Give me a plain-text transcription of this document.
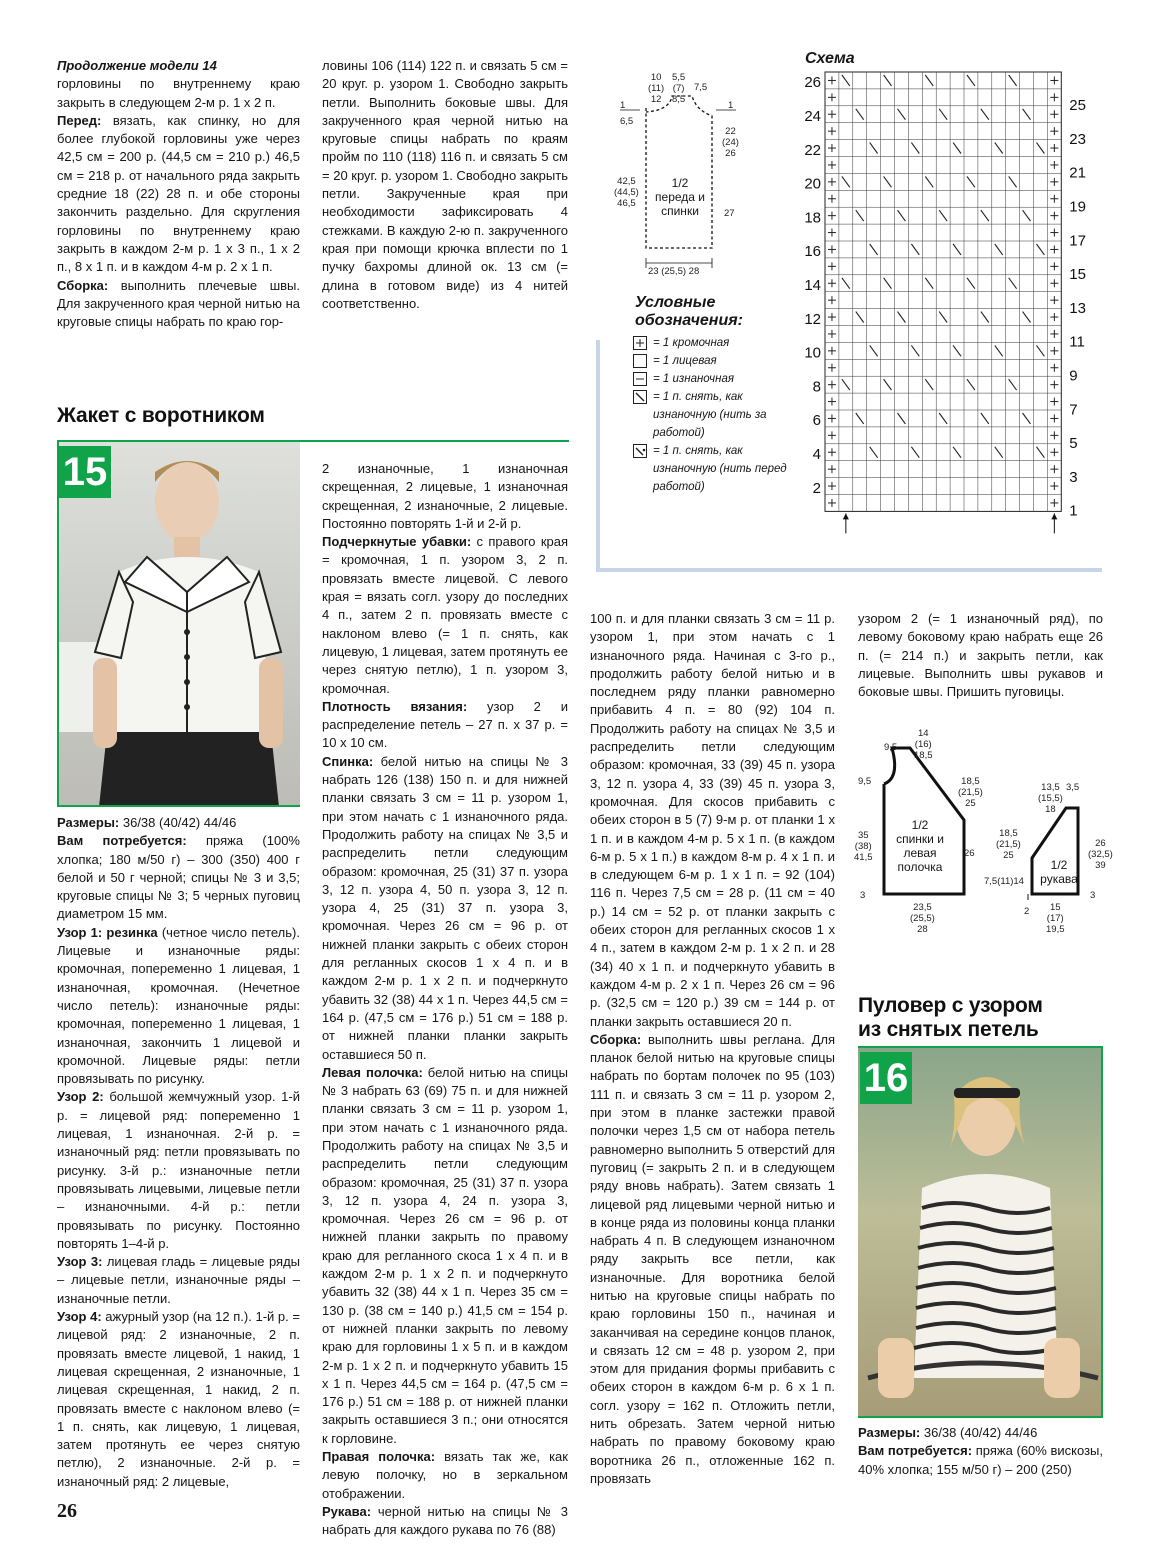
Продолжение модели 14

горловины по внутреннему краю закрыть в следующем 2-м р. 1 х 2 п.

Перед: вязать, как спинку, но для более глубокой горловины уже через 42,5 см = 200 р. (44,5 см = 210 р.) 46,5 см = 218 р. от начального ряда закрыть средние 18 (22) 28 п. и обе стороны закончить раздельно. Для скругления горловины по внутреннему краю закрыть в каждом 2-м р. 1 х 3 п., 1 х 2 п., 8 х 1 п. и в каждом 4-м р. 2 х 1 п.

Сборка: выполнить плечевые швы. Для закрученного края черной нитью на круговые спицы набрать по краю гор-

ловины 106 (114) 122 п. и связать 5 см = 20 круг. р. узором 1. Свободно закрыть петли. Выполнить боковые швы. Для закрученного края черной нитью на круговые спицы набрать по краям пройм по 110 (118) 116 п. и связать 5 см = 20 круг. р. узором 1. Свободно закрыть петли. Закрученные края при необходимости зафиксировать 4 стежками. В каждую 2-ю п. закрученного края при помощи крючка вплести по 1 пучку бахромы длиной ок. 13 см (= длина в готовом виде) из 4 нитей соответственно.

1/2 переда и спинки
10
(11)
12
5,5
(7)
8,5
7,5
1
6,5
1
22
(24)
26
42,5
(44,5)
46,5
27
23 (25,5) 28
Условные обозначения:
= 1 кромочная
= 1 лицевая
= 1 изнаночная
= 1 п. снять, как изнаночную (нить за работой)
= 1 п. снять, как изнаночную (нить перед работой)
Схема
26
24
22
20
18
16
14
12
10
8
6
4
2
25
23
21
19
17
15
13
11
9
7
5
3
1
Жакет с воротником
15

Размеры: 36/38 (40/42) 44/46

Вам потребуется: пряжа (100% хлопка; 180 м/50 г) – 300 (350) 400 г белой и 50 г черной; спицы № 3 и 3,5; круговые спицы № 3; 5 черных пуговиц диаметром 15 мм.

Узор 1: резинка (четное число петель). Лицевые и изнаночные ряды: кромочная, попеременно 1 лицевая, 1 изнаночная, кромочная. (Нечетное число петель): изнаночные ряды: кромочная, попеременно 1 лицевая, 1 изнаночная, закончить 1 лицевой и кромочной. Лицевые ряды: петли провязывать по рисунку.

Узор 2: большой жемчужный узор. 1-й р. = лицевой ряд: попеременно 1 лицевая, 1 изнаночная. 2-й р. = изнаночный ряд: петли провязывать по рисунку. 3-й р.: изнаночные петли провязывать лицевыми, лицевые петли – изнаночными. 4-й р.: петли провязывать по рисунку. Постоянно повторять 1–4-й р.

Узор 3: лицевая гладь = лицевые ряды – лицевые петли, изнаночные ряды – изнаночные петли.

Узор 4: ажурный узор (на 12 п.). 1-й р. = лицевой ряд: 2 изнаночные, 2 п. провязать вместе лицевой, 1 накид, 1 лицевая скрещенная, 2 изнаночные, 1 лицевая скрещенная, 1 накид, 2 п. провязать вместе с наклоном влево (= 1 п. снять, как лицевую, 1 лицевая, затем протянуть ее через снятую петлю), 2 изнаночные. 2-й р. = изнаночный ряд: 2 лицевые,

2 изнаночные, 1 изнаночная скрещенная, 2 лицевые, 1 изнаночная скрещенная, 2 изнаночные, 2 лицевые. Постоянно повторять 1-й и 2-й р.

Подчеркнутые убавки: с правого края = кромочная, 1 п. узором 3, 2 п. провязать вместе лицевой. С левого края = вязать согл. узору до последних 4 п., затем 2 п. провязать вместе с наклоном влево (= 1 п. снять, как лицевую, 1 лицевая, затем протянуть ее через снятую петлю), 1 п. узором 3, кромочная.

Плотность вязания: узор 2 и распределение петель – 27 п. х 37 р. = 10 х 10 см.

Спинка: белой нитью на спицы № 3 набрать 126 (138) 150 п. и для нижней планки связать 3 см = 11 р. узором 1, при этом начать с 1 изнаночного ряда. Продолжить работу на спицах № 3,5 и распределить петли следующим образом: кромочная, 25 (31) 37 п. узора 3, 12 п. узора 4, 50 п. узора 3, 12 п. узора 4, 25 (31) 37 п. узора 3, кромочная. Через 26 см = 96 р. от нижней планки закрыть с обеих сторон для регланных скосов 1 х 4 п. и в каждом 2-м р. 1 х 2 п. и подчеркнуто убавить 32 (38) 44 х 1 п. Через 44,5 см = 164 р. (47,5 см = 176 р.) 51 см = 188 р. от нижней планки планки закрыть оставшиеся 50 п.

Левая полочка: белой нитью на спицы № 3 набрать 63 (69) 75 п. и для нижней планки связать 3 см = 11 р. узором 1, при этом начать с 1 изнаночного ряда. Продолжить работу на спицах № 3,5 и распределить петли следующим образом: кромочная, 25 (31) 37 п. узора 3, 12 п. узора 4, 24 п. узора 3, кромочная. Через 26 см = 96 р. от нижней планки закрыть по правому краю для регланного скоса 1 х 4 п. и в каждом 2-м р. 1 х 2 п. и подчеркнуто убавить 32 (38) 44 х 1 п. Через 35 см = 130 р. (38 см = 140 р.) 41,5 см = 154 р. от нижней планки закрыть по левому краю для горловины 1 х 5 п. и в каждом 2-м р. 1 х 2 п. и подчеркнуто убавить 15 х 1 п. Через 44,5 см = 164 р. (47,5 см = 176 р.) 51 см = 188 р. от нижней планки закрыть оставшиеся 3 п.; они относятся к горловине.

Правая полочка: вязать так же, как левую полочку, но в зеркальном отображении.

Рукава: черной нитью на спицы № 3 набрать для каждого рукава по 76 (88)

100 п. и для планки связать 3 см = 11 р. узором 1, при этом начать с 1 изнаночного ряда. Начиная с 3-го р., продолжить работу белой нитью и в последнем ряду планки равномерно прибавить 4 п. = 80 (92) 104 п. Продолжить работу на спицах № 3,5 и распределить петли следующим образом: кромочная, 33 (39) 45 п. узора 3, 12 п. узора 4, 33 (39) 45 п. узора 3, кромочная. Для скосов прибавить с обеих сторон в 5 (7) 9-м р. от планки 1 х 1 п. и в каждом 4-м р. 5 х 1 п. (в каждом 6-м р. 5 х 1 п.) в каждом 8-м р. 4 х 1 п. и в следующем 6-м р. 1 х 1 п. = 92 (104) 116 п. Через 7,5 см = 28 р. (11 см = 40 р.) 14 см = 52 р. от планки закрыть с обеих сторон для регланных скосов 1 х 4 п., затем в каждом 2-м р. 1 х 2 п. и 28 (34) 40 х 1 п. и подчеркнуто убавить в каждом 4-м р. 2 х 1 п. Через 26 см = 96 р. (32,5 см = 120 р.) 39 см = 144 р. от планки закрыть оставшиеся 20 п.

Сборка: выполнить швы реглана. Для планок белой нитью на круговые спицы набрать по бортам полочек по 95 (103) 111 п. и связать 3 см = 11 р. узором 2, при этом в планке застежки правой полочки через 1,5 см от набора петель равномерно выполнить 5 отверстий для пуговиц (= закрыть 2 п. и в следующем ряду вновь набрать). Затем связать 1 лицевой ряд лицевыми черной нитью и в конце ряда из половины конца планки набрать 4 п. В следующем изнаночном ряду закрыть все петли, как изнаночные. Для воротника белой нитью на круговые спицы набрать по краю горловины 150 п., начиная и заканчивая на середине концов планок, и связать 12 см = 48 р. узором 2, при этом для придания формы прибавить с обеих сторон в каждом 6-м р. 6 х 1 п. согл. узору = 162 п. Отложить петли, нить обрезать. Затем черной нитью набрать по правому боковому краю воротника 26 п., отложенные 162 п. провязать

узором 2 (= 1 изнаночный ряд), по левому боковому краю набрать еще 26 п. (= 214 п.) и закрыть петли, как лицевые. Выполнить швы рукавов и боковые швы. Пришить пуговицы.

1/2 спинки и левая полочка	1/2 рукава
9,5
14
(16)
18,5
9,5	18,5
(21,5)
25
35
(38)
41,5	26
3
23,5
(25,5)
28
13,5
(15,5)
18
3,5
18,5
(21,5)
25
26
(32,5)
39
7,5(11)14
15
(17)
19,5
3
2
Пуловер с узором
из снятых петель
16

Размеры: 36/38 (40/42) 44/46

Вам потребуется: пряжа (60% вискозы, 40% хлопка; 155 м/50 г) – 200 (250)

26
